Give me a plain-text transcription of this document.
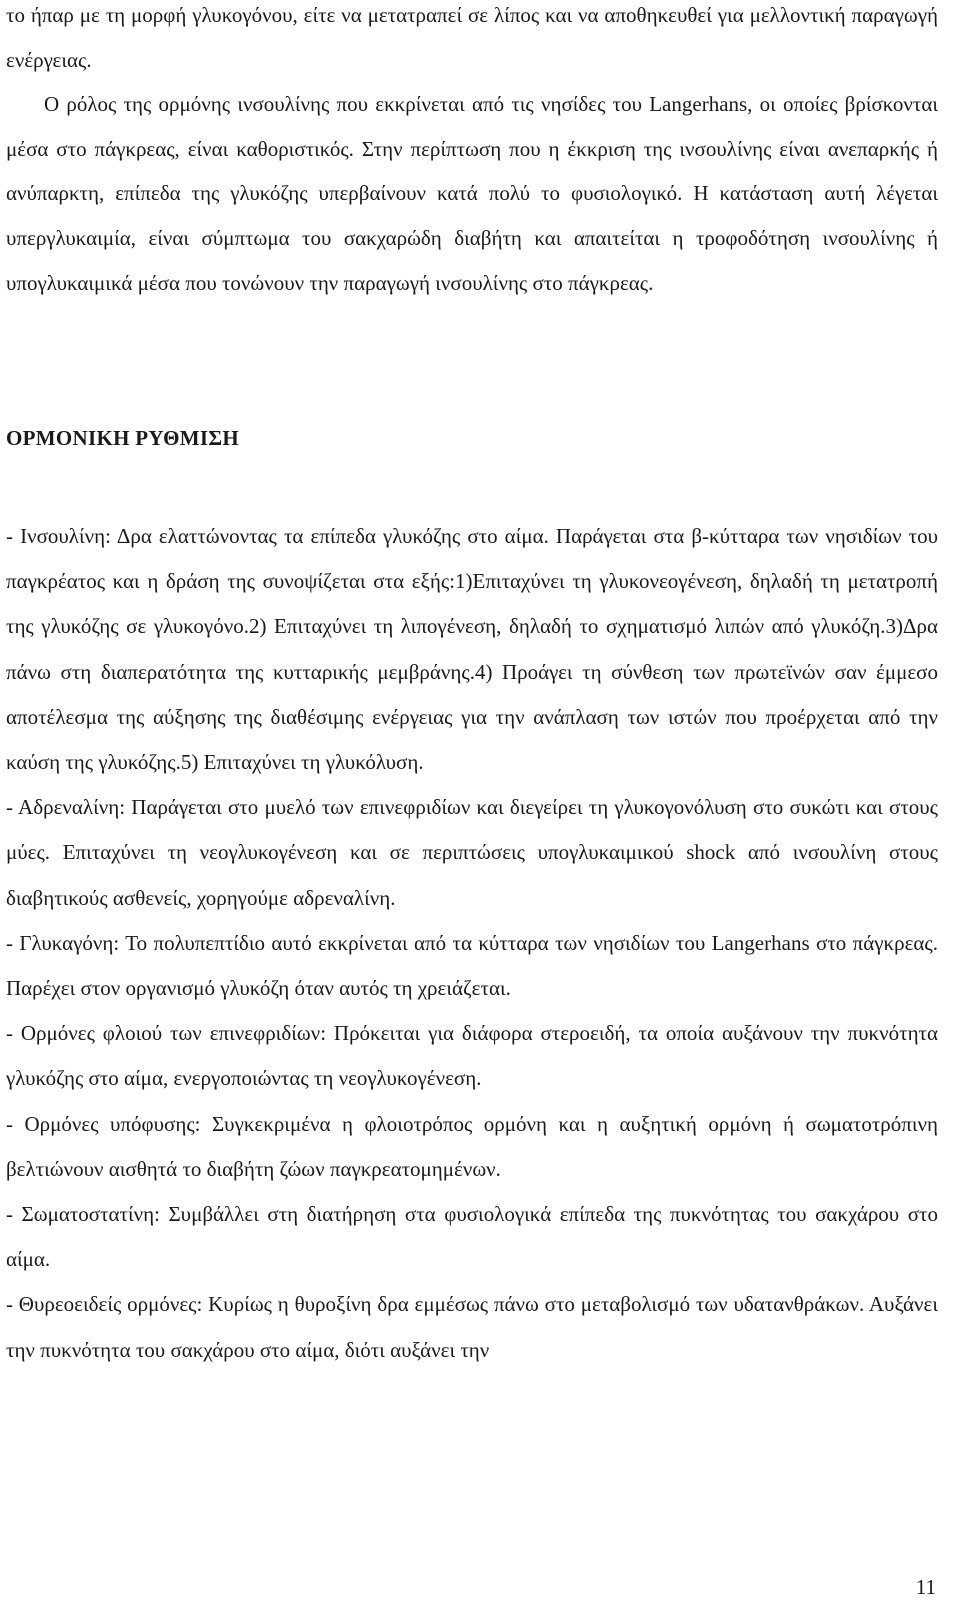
το ήπαρ με τη μορφή γλυκογόνου, είτε να μετατραπεί σε λίπος και να αποθηκευθεί για μελλοντική παραγωγή ενέργειας.

Ο ρόλος της ορμόνης ινσουλίνης που εκκρίνεται από τις νησίδες του Langerhans, οι οποίες βρίσκονται μέσα στο πάγκρεας, είναι καθοριστικός. Στην περίπτωση που η έκκριση της ινσουλίνης είναι ανεπαρκής ή ανύπαρκτη, επίπεδα της γλυκόζης υπερβαίνουν κατά πολύ το φυσιολογικό. Η κατάσταση αυτή λέγεται υπεργλυκαιμία, είναι σύμπτωμα του σακχαρώδη διαβήτη και απαιτείται η τροφοδότηση ινσουλίνης ή υπογλυκαιμικά μέσα που τονώνουν την παραγωγή ινσουλίνης στο πάγκρεας.

ΟΡΜΟΝΙΚΗ ΡΥΘΜΙΣΗ

- Ινσουλίνη: Δρα ελαττώνοντας τα επίπεδα γλυκόζης στο αίμα. Παράγεται στα β-κύτταρα των νησιδίων του παγκρέατος και η δράση της συνοψίζεται στα εξής:1)Επιταχύνει τη γλυκονεογένεση, δηλαδή τη μετατροπή της γλυκόζης σε γλυκογόνο.2) Επιταχύνει τη λιπογένεση, δηλαδή το σχηματισμό λιπών από γλυκόζη.3)Δρα πάνω στη διαπερατότητα της κυτταρικής μεμβράνης.4) Προάγει τη σύνθεση των πρωτεϊνών σαν έμμεσο αποτέλεσμα της αύξησης της διαθέσιμης ενέργειας για την ανάπλαση των ιστών που προέρχεται από την καύση της γλυκόζης.5) Επιταχύνει τη γλυκόλυση.

- Αδρεναλίνη: Παράγεται στο μυελό των επινεφριδίων και διεγείρει τη γλυκογονόλυση στο συκώτι και στους μύες. Επιταχύνει τη νεογλυκογένεση και σε περιπτώσεις υπογλυκαιμικού shock από ινσουλίνη στους διαβητικούς ασθενείς, χορηγούμε αδρεναλίνη.

- Γλυκαγόνη: Το πολυπεπτίδιο αυτό εκκρίνεται από τα κύτταρα των νησιδίων του Langerhans στο πάγκρεας. Παρέχει στον οργανισμό γλυκόζη όταν αυτός τη χρειάζεται.

- Ορμόνες φλοιού των επινεφριδίων: Πρόκειται για διάφορα στεροειδή, τα οποία αυξάνουν την πυκνότητα γλυκόζης στο αίμα, ενεργοποιώντας τη νεογλυκογένεση.

- Ορμόνες υπόφυσης: Συγκεκριμένα η φλοιοτρόπος ορμόνη και η αυξητική ορμόνη ή σωματοτρόπινη βελτιώνουν αισθητά το διαβήτη ζώων παγκρεατομημένων.

- Σωματοστατίνη: Συμβάλλει στη διατήρηση στα φυσιολογικά επίπεδα της πυκνότητας του σακχάρου στο αίμα.

- Θυρεοειδείς ορμόνες: Κυρίως η θυροξίνη δρα εμμέσως πάνω στο μεταβολισμό των υδατανθράκων. Αυξάνει την πυκνότητα του σακχάρου στο αίμα, διότι αυξάνει την

11
